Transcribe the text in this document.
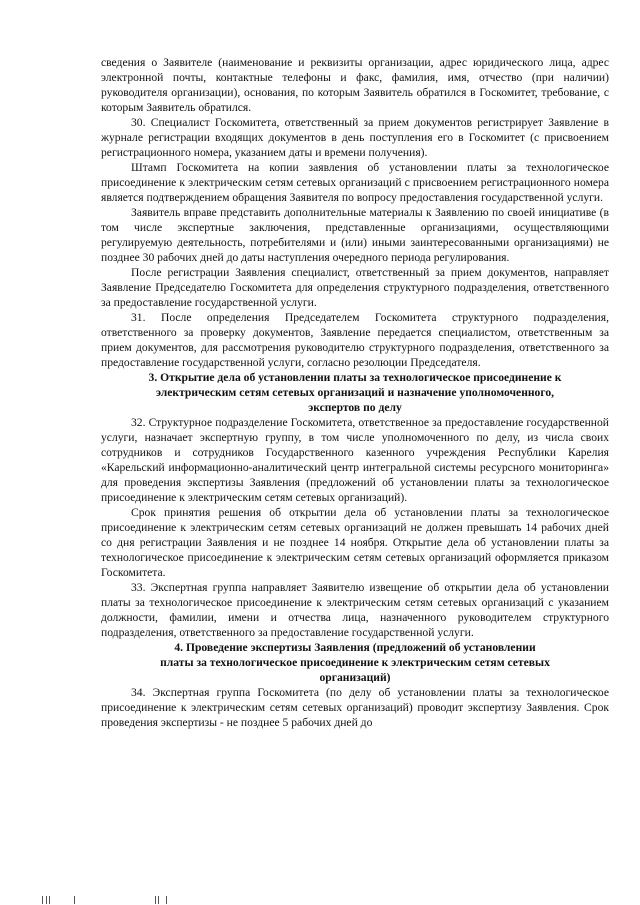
сведения о Заявителе (наименование и реквизиты организации, адрес юридического лица, адрес электронной почты, контактные телефоны и факс, фамилия, имя, отчество (при наличии) руководителя организации), основания, по которым Заявитель обратился в Госкомитет, требование, с которым Заявитель обратился.

30. Специалист Госкомитета, ответственный за прием документов регистрирует Заявление в журнале регистрации входящих документов в день поступления его в Госкомитет (с присвоением регистрационного номера, указанием даты и времени получения).

Штамп Госкомитета на копии заявления об установлении платы за технологическое присоединение к электрическим сетям сетевых организаций с присвоением регистрационного номера является подтверждением обращения Заявителя по вопросу предоставления государственной услуги.

Заявитель вправе представить дополнительные материалы к Заявлению по своей инициативе (в том числе экспертные заключения, представленные организациями, осуществляющими регулируемую деятельность, потребителями и (или) иными заинтересованными организациями) не позднее 30 рабочих дней до даты наступления очередного периода регулирования.

После регистрации Заявления специалист, ответственный за прием документов, направляет Заявление Председателю Госкомитета для определения структурного подразделения, ответственного за предоставление государственной услуги.

31. После определения Председателем Госкомитета структурного подразделения, ответственного за проверку документов, Заявление передается специалистом, ответственным за прием документов, для рассмотрения руководителю структурного подразделения, ответственного за предоставление государственной услуги, согласно резолюции Председателя.

3. Открытие дела об установлении платы за технологическое присоединение к
электрическим сетям сетевых организаций и назначение уполномоченного,
экспертов по делу

32. Структурное подразделение Госкомитета, ответственное за предоставление государственной услуги, назначает экспертную группу, в том числе уполномоченного по делу, из числа своих сотрудников и сотрудников Государственного казенного учреждения Республики Карелия «Карельский информационно-аналитический центр интегральной системы ресурсного мониторинга» для проведения экспертизы Заявления (предложений об установлении платы за технологическое присоединение к электрическим сетям сетевых организаций).

Срок принятия решения об открытии дела об установлении платы за технологическое присоединение к электрическим сетям сетевых организаций не должен превышать 14 рабочих дней со дня регистрации Заявления и не позднее 14 ноября. Открытие дела об установлении платы за технологическое присоединение к электрическим сетям сетевых организаций оформляется приказом Госкомитета.

33. Экспертная группа направляет Заявителю извещение об открытии дела об установлении платы за технологическое присоединение к электрическим сетям сетевых организаций с указанием должности, фамилии, имени и отчества лица, назначенного руководителем структурного подразделения, ответственного за предоставление государственной услуги.

4. Проведение экспертизы Заявления (предложений об установлении
платы за технологическое присоединение к электрическим сетям сетевых
организаций)

34. Экспертная группа Госкомитета (по делу об установлении платы за технологическое присоединение к электрическим сетям сетевых организаций) проводит экспертизу Заявления. Срок проведения экспертизы - не позднее 5 рабочих дней до
